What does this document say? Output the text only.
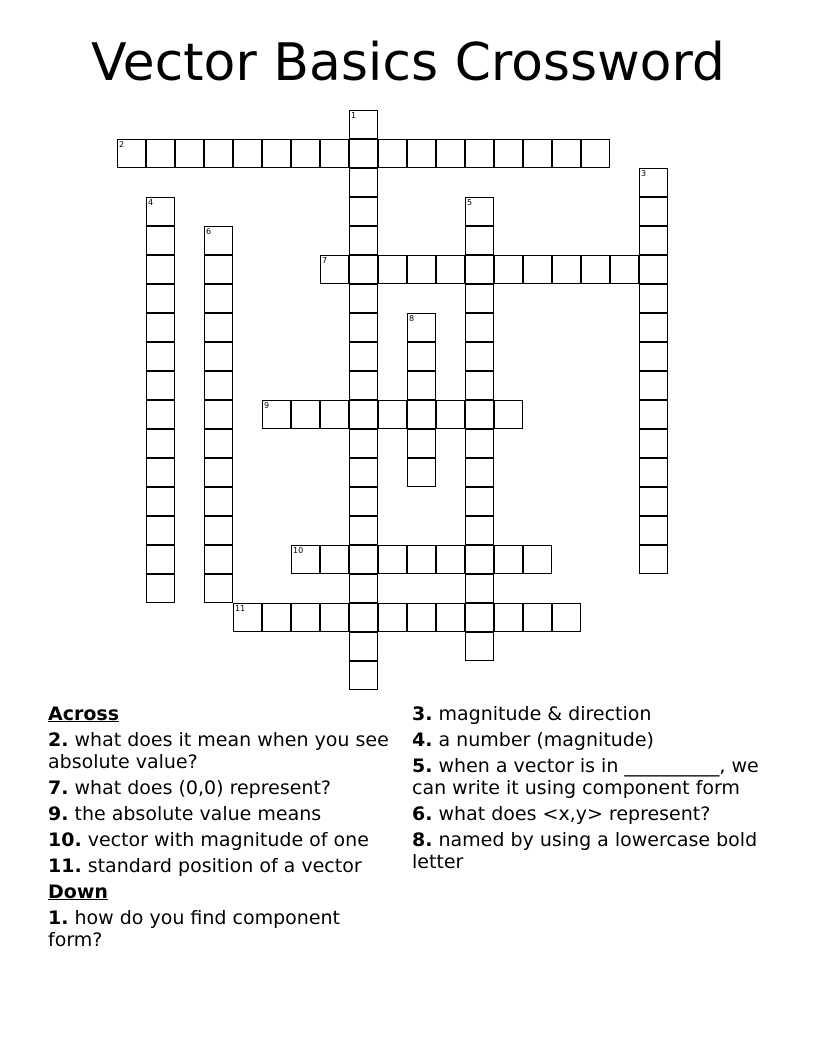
Vector Basics Crossword
1
2
3
4	5
6
7
8
9
10
11
Across
2. what does it mean when you see absolute value?
7. what does (0,0) represent?
9. the absolute value means
10. vector with magnitude of one
11. standard position of a vector
Down
1. how do you find component form?
3. magnitude & direction
4. a number (magnitude)
5. when a vector is in __________, we can write it using component form
6. what does <x,y> represent?
8. named by using a lowercase bold letter
